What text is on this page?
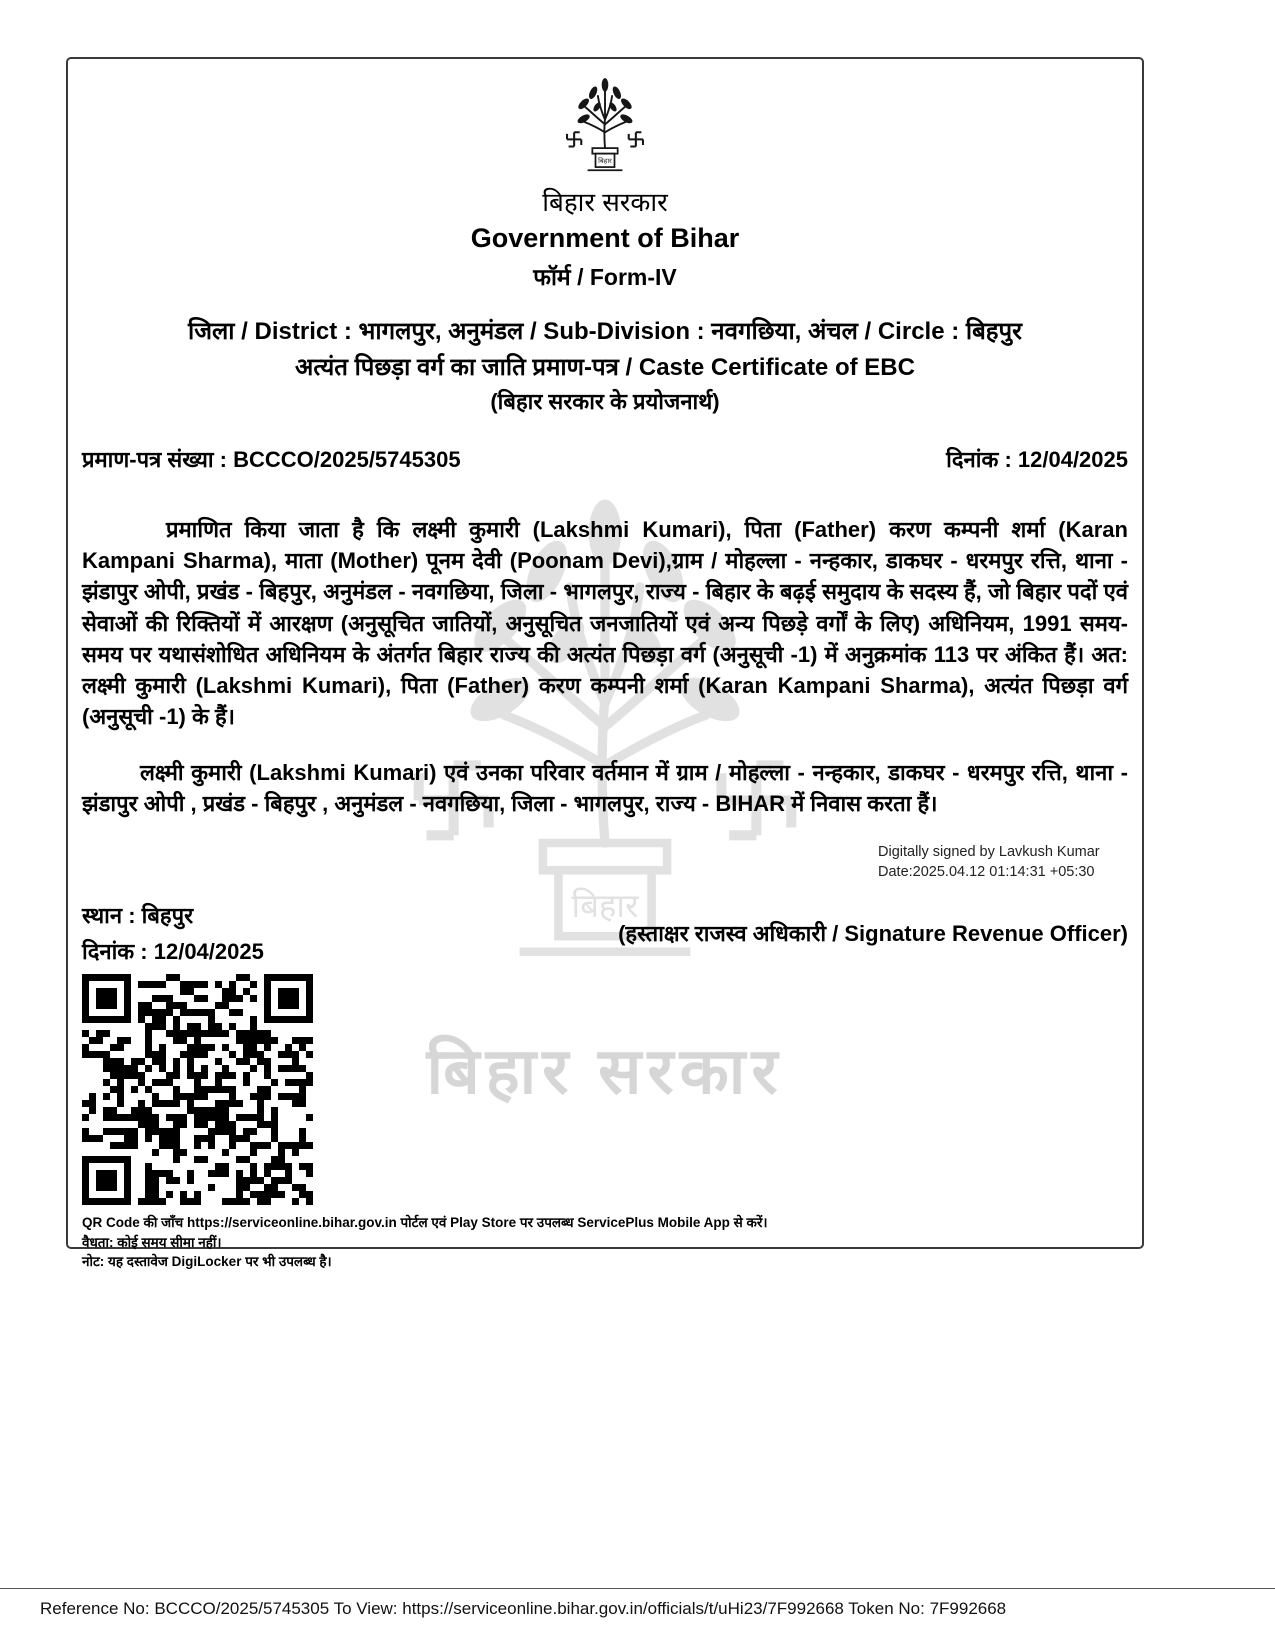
बिहार सरकार
बिहार सरकार
Government of Bihar
फॉर्म / Form-IV
जिला / District : भागलपुर, अनुमंडल / Sub-Division : नवगछिया, अंचल / Circle : बिहपुर
अत्यंत पिछड़ा वर्ग का जाति प्रमाण-पत्र / Caste Certificate of EBC
(बिहार सरकार के प्रयोजनार्थ)
प्रमाण-पत्र संख्या : BCCCO/2025/5745305	दिनांक : 12/04/2025

प्रमाणित किया जाता है कि लक्ष्मी कुमारी (Lakshmi Kumari), पिता (Father) करण कम्पनी शर्मा (Karan Kampani Sharma), माता (Mother) पूनम देवी (Poonam Devi),ग्राम / मोहल्ला - नन्हकार, डाकघर - धरमपुर रत्ति, थाना - झंडापुर ओपी, प्रखंड - बिहपुर, अनुमंडल - नवगछिया, जिला - भागलपुर, राज्य - बिहार के बढ़ई समुदाय के सदस्य हैं, जो बिहार पदों एवं सेवाओं की रिक्तियों में आरक्षण (अनुसूचित जातियों, अनुसूचित जनजातियों एवं अन्य पिछड़े वर्गों के लिए) अधिनियम, 1991 समय-समय पर यथासंशोधित अधिनियम के अंतर्गत बिहार राज्य की अत्यंत पिछड़ा वर्ग (अनुसूची -1) में अनुक्रमांक 113 पर अंकित हैं। अत: लक्ष्मी कुमारी (Lakshmi Kumari), पिता (Father) करण कम्पनी शर्मा (Karan Kampani Sharma), अत्यंत पिछड़ा वर्ग (अनुसूची -1) के हैं।

लक्ष्मी कुमारी (Lakshmi Kumari) एवं उनका परिवार वर्तमान में ग्राम / मोहल्ला - नन्हकार, डाकघर - धरमपुर रत्ति, थाना - झंडापुर ओपी , प्रखंड - बिहपुर , अनुमंडल - नवगछिया, जिला - भागलपुर, राज्य - BIHAR में निवास करता हैं।

Digitally signed by Lavkush Kumar
Date:2025.04.12 01:14:31 +05:30
स्थान : बिहपुर
दिनांक : 12/04/2025
(हस्ताक्षर राजस्व अधिकारी / Signature Revenue Officer)
QR Code की जाँच https://serviceonline.bihar.gov.in पोर्टल एवं Play Store पर उपलब्ध ServicePlus Mobile App से करें।
वैधता: कोई समय सीमा नहीं।
नोट: यह दस्तावेज DigiLocker पर भी उपलब्ध है।
Reference No: BCCCO/2025/5745305 To View: https://serviceonline.bihar.gov.in/officials/t/uHi23/7F992668 Token No: 7F992668
